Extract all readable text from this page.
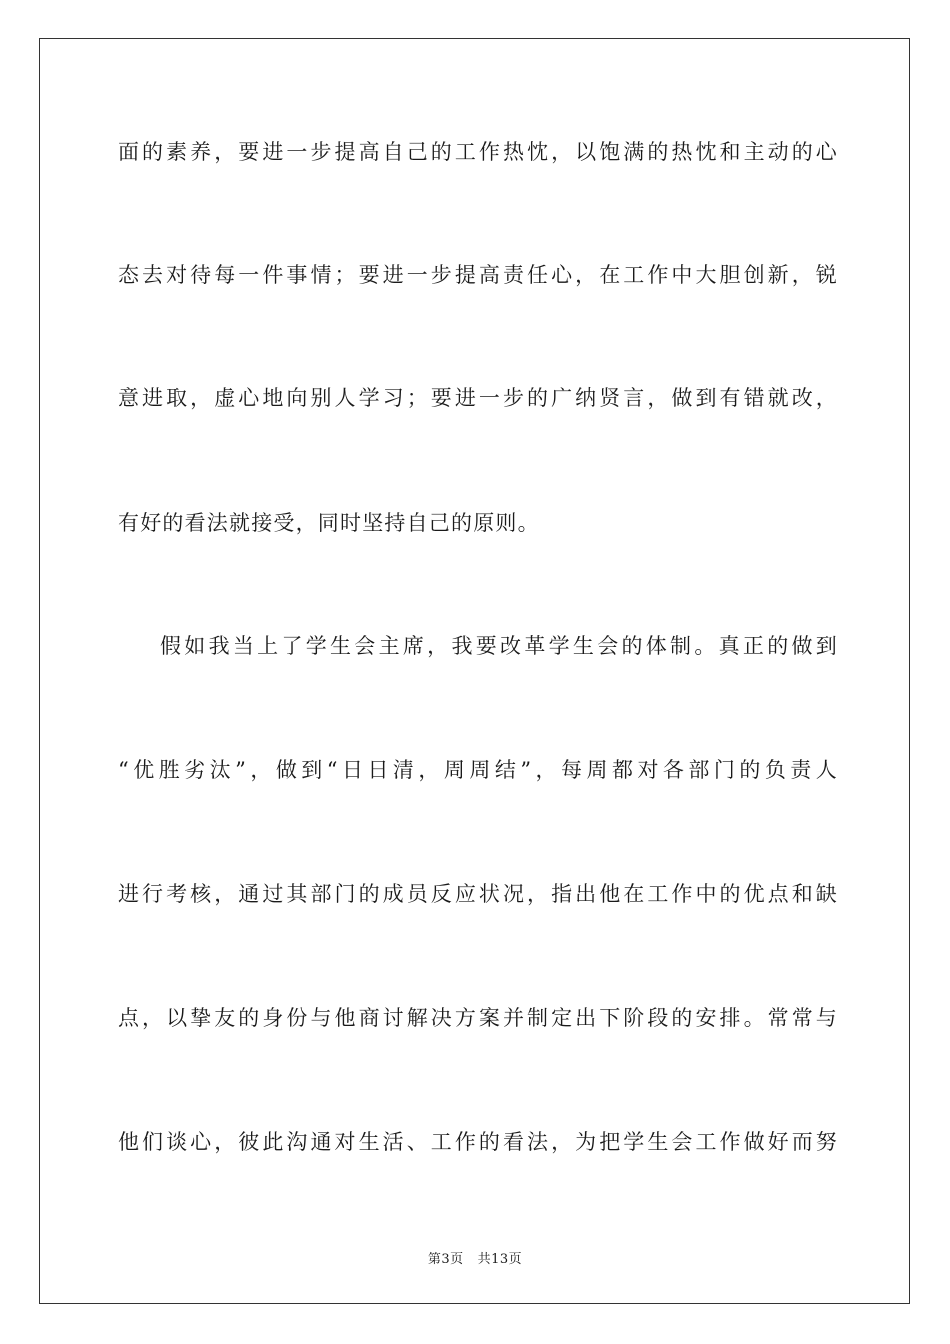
面的素养，要进一步提高自己的工作热忱，以饱满的热忱和主动的心

态去对待每一件事情；要进一步提高责任心，在工作中大胆创新，锐

意进取，虚心地向别人学习；要进一步的广纳贤言，做到有错就改，

有好的看法就接受，同时坚持自己的原则。

假如我当上了学生会主席，我要改革学生会的体制。真正的做到

“优胜劣汰”，做到“日日清，周周结”，每周都对各部门的负责人

进行考核，通过其部门的成员反应状况，指出他在工作中的优点和缺

点，以挚友的身份与他商讨解决方案并制定出下阶段的安排。常常与

他们谈心，彼此沟通对生活、工作的看法，为把学生会工作做好而努

第3页 共13页
